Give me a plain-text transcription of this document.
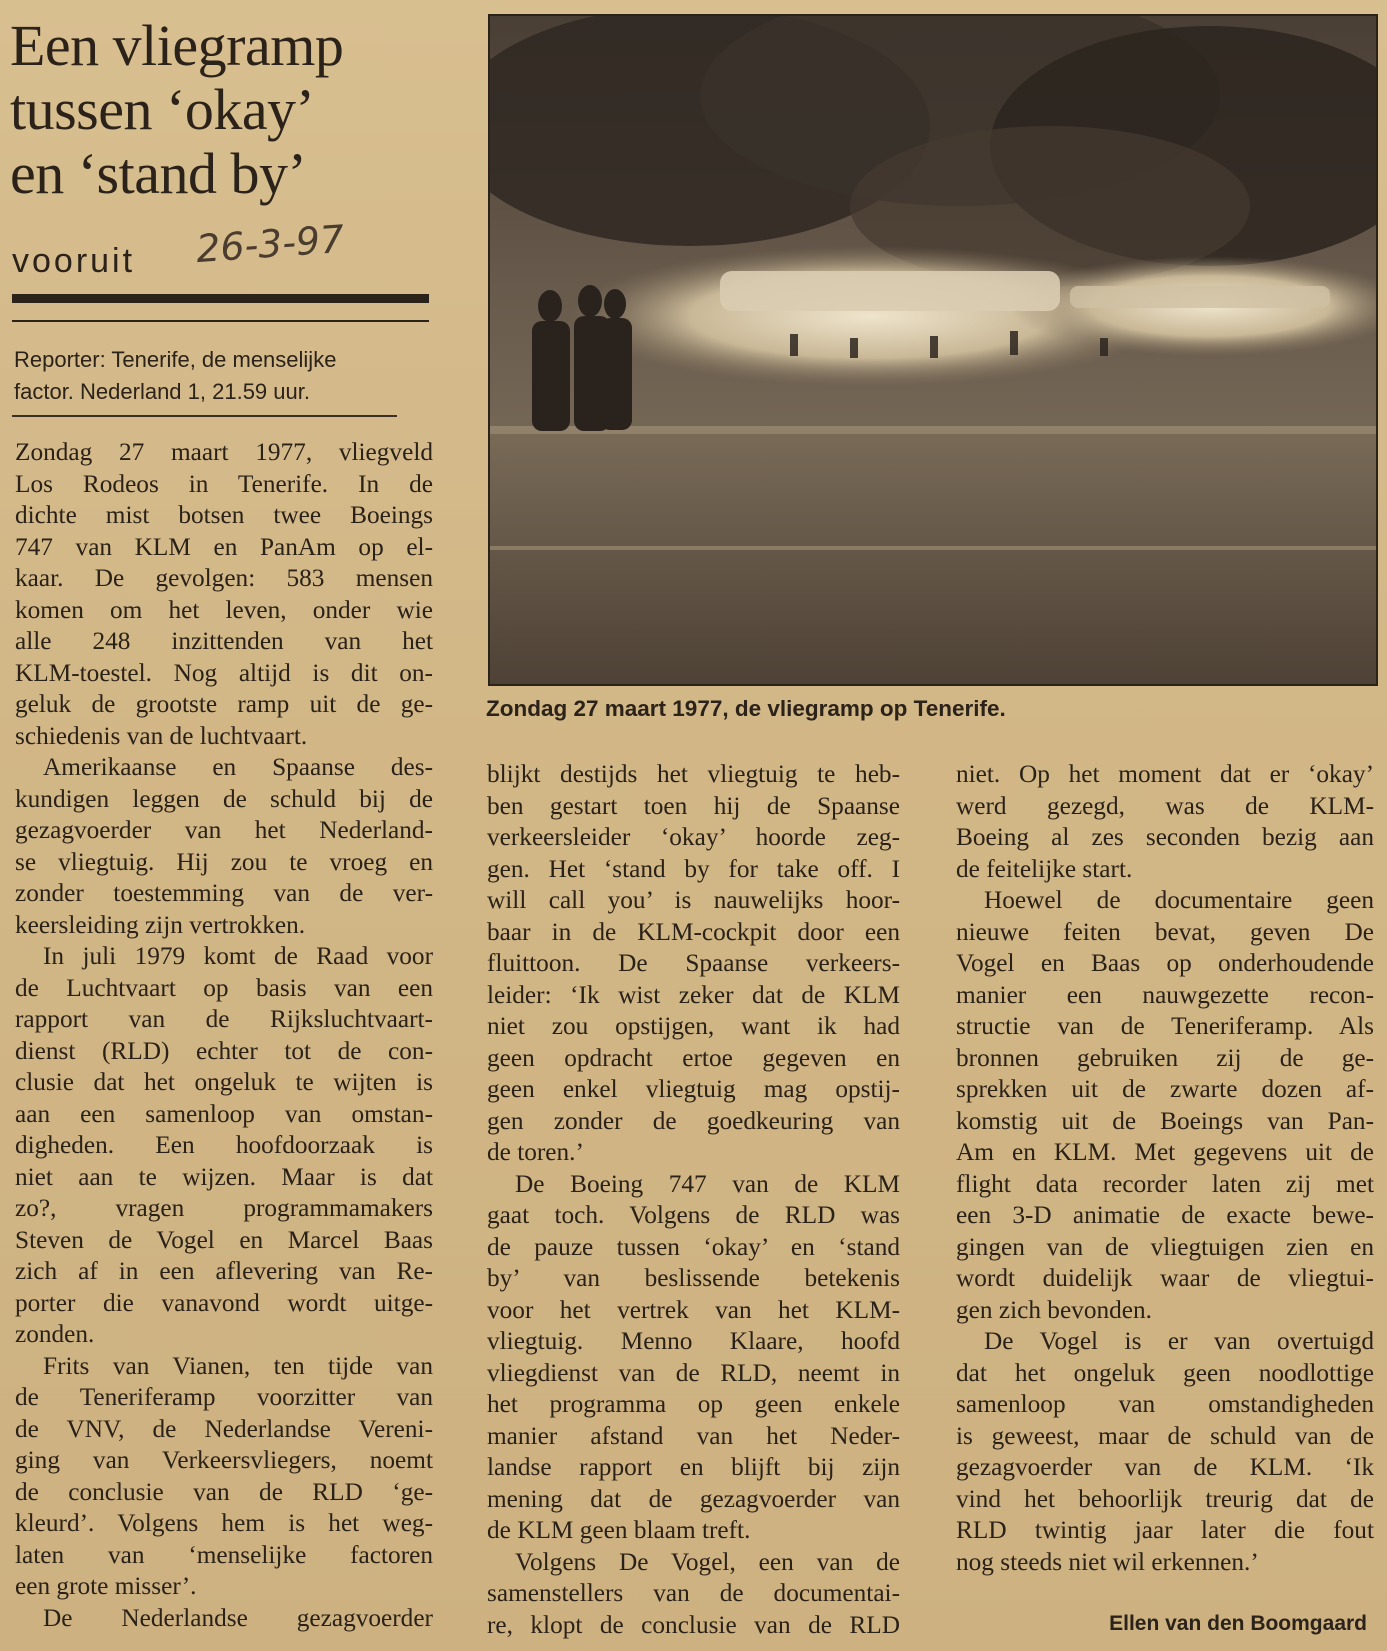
Een vliegramp
tussen ‘okay’
en ‘stand by’
vooruit 26-3-97
Reporter: Tenerife, de menselijke
factor. Nederland 1, 21.59 uur.
Zondag 27 maart 1977, de vliegramp op Tenerife.
Zondag 27 maart 1977, vliegveld
Los Rodeos in Tenerife. In de
dichte mist botsen twee Boeings
747 van KLM en PanAm op el-
kaar. De gevolgen: 583 mensen
komen om het leven, onder wie
alle 248 inzittenden van het
KLM-toestel. Nog altijd is dit on-
geluk de grootste ramp uit de ge-
schiedenis van de luchtvaart.
Amerikaanse en Spaanse des-
kundigen leggen de schuld bij de
gezagvoerder van het Nederland-
se vliegtuig. Hij zou te vroeg en
zonder toestemming van de ver-
keersleiding zijn vertrokken.
In juli 1979 komt de Raad voor
de Luchtvaart op basis van een
rapport van de Rijksluchtvaart-
dienst (RLD) echter tot de con-
clusie dat het ongeluk te wijten is
aan een samenloop van omstan-
digheden. Een hoofdoorzaak is
niet aan te wijzen. Maar is dat
zo?, vragen programmamakers
Steven de Vogel en Marcel Baas
zich af in een aflevering van Re-
porter die vanavond wordt uitge-
zonden.
Frits van Vianen, ten tijde van
de Teneriferamp voorzitter van
de VNV, de Nederlandse Vereni-
ging van Verkeersvliegers, noemt
de conclusie van de RLD ‘ge-
kleurd’. Volgens hem is het weg-
laten van ‘menselijke factoren
een grote misser’.
De Nederlandse gezagvoerder
blijkt destijds het vliegtuig te heb-
ben gestart toen hij de Spaanse
verkeersleider ‘okay’ hoorde zeg-
gen. Het ‘stand by for take off. I
will call you’ is nauwelijks hoor-
baar in de KLM-cockpit door een
fluittoon. De Spaanse verkeers-
leider: ‘Ik wist zeker dat de KLM
niet zou opstijgen, want ik had
geen opdracht ertoe gegeven en
geen enkel vliegtuig mag opstij-
gen zonder de goedkeuring van
de toren.’
De Boeing 747 van de KLM
gaat toch. Volgens de RLD was
de pauze tussen ‘okay’ en ‘stand
by’ van beslissende betekenis
voor het vertrek van het KLM-
vliegtuig. Menno Klaare, hoofd
vliegdienst van de RLD, neemt in
het programma op geen enkele
manier afstand van het Neder-
landse rapport en blijft bij zijn
mening dat de gezagvoerder van
de KLM geen blaam treft.
Volgens De Vogel, een van de
samenstellers van de documentai-
re, klopt de conclusie van de RLD
niet. Op het moment dat er ‘okay’
werd gezegd, was de KLM-
Boeing al zes seconden bezig aan
de feitelijke start.
Hoewel de documentaire geen
nieuwe feiten bevat, geven De
Vogel en Baas op onderhoudende
manier een nauwgezette recon-
structie van de Teneriferamp. Als
bronnen gebruiken zij de ge-
sprekken uit de zwarte dozen af-
komstig uit de Boeings van Pan-
Am en KLM. Met gegevens uit de
flight data recorder laten zij met
een 3-D animatie de exacte bewe-
gingen van de vliegtuigen zien en
wordt duidelijk waar de vliegtui-
gen zich bevonden.
De Vogel is er van overtuigd
dat het ongeluk geen noodlottige
samenloop van omstandigheden
is geweest, maar de schuld van de
gezagvoerder van de KLM. ‘Ik
vind het behoorlijk treurig dat de
RLD twintig jaar later die fout
nog steeds niet wil erkennen.’
Ellen van den Boomgaard
